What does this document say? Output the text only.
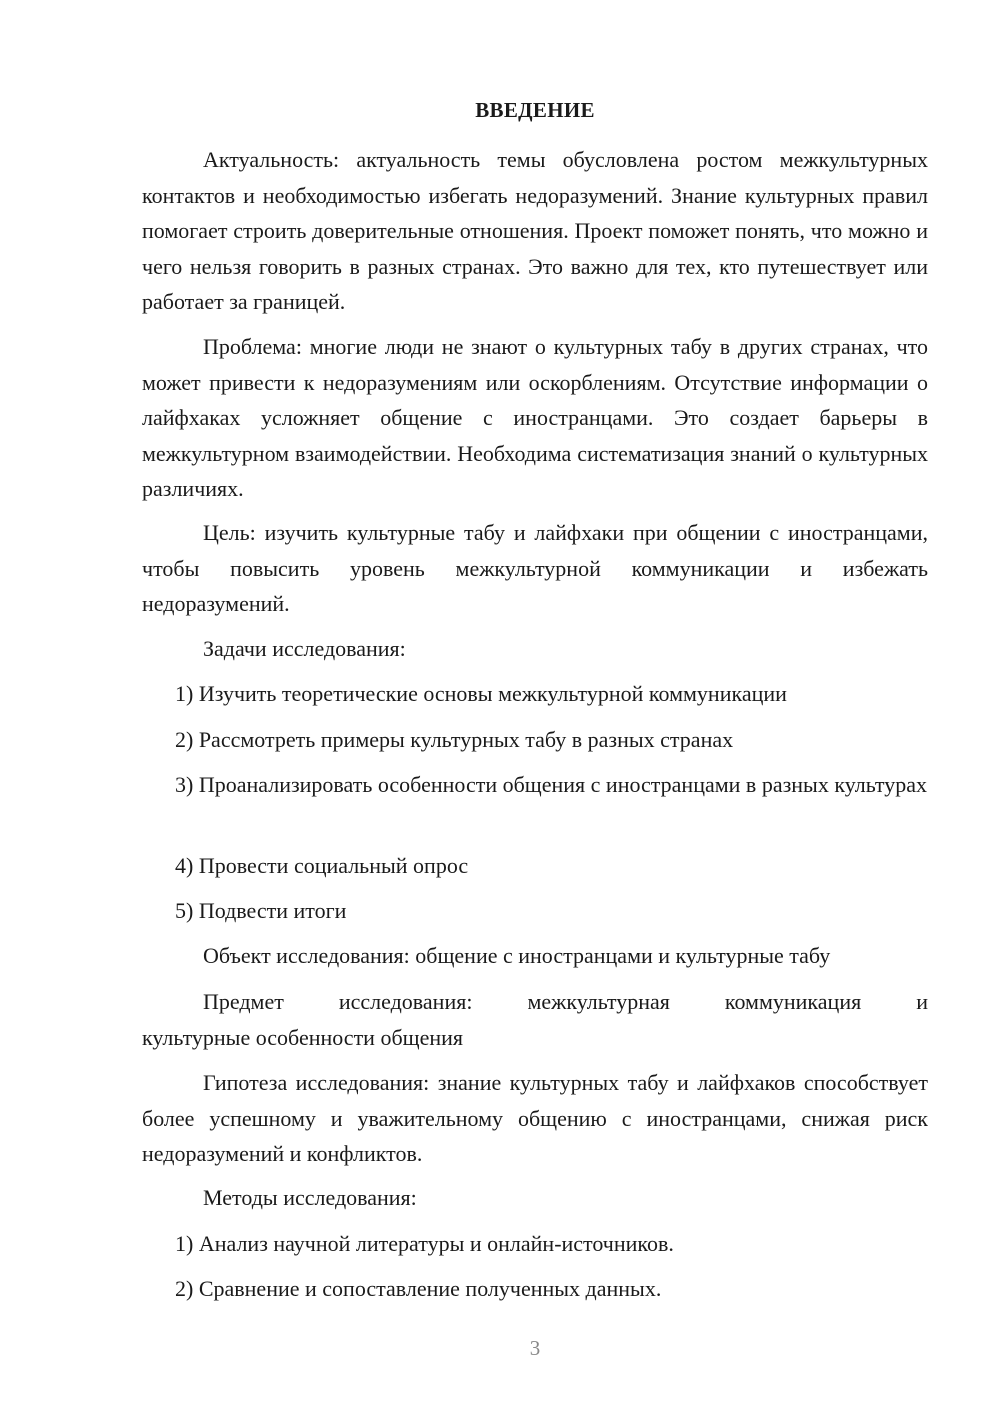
ВВЕДЕНИЕ

Актуальность: актуальность темы обусловлена ростом межкультурных контактов и необходимостью избегать недоразумений. Знание культурных правил помогает строить доверительные отношения. Проект поможет понять, что можно и чего нельзя говорить в разных странах. Это важно для тех, кто путешествует или работает за границей.

Проблема: многие люди не знают о культурных табу в других странах, что может привести к недоразумениям или оскорблениям. Отсутствие информации о лайфхаках усложняет общение с иностранцами. Это создает барьеры в межкультурном взаимодействии. Необходима систематизация знаний о культурных различиях.

Цель: изучить культурные табу и лайфхаки при общении с иностранцами, чтобы повысить уровень межкультурной коммуникации и избежать недоразумений.

Задачи исследования:

1) Изучить теоретические основы межкультурной коммуникации

2) Рассмотреть примеры культурных табу в разных странах

3) Проанализировать особенности общения с иностранцами в разных культурах

4) Провести социальный опрос

5) Подвести итоги

Объект исследования: общение с иностранцами и культурные табу

Предмет исследования: межкультурная коммуникация и

культурные особенности общения

Гипотеза исследования: знание культурных табу и лайфхаков способствует более успешному и уважительному общению с иностранцами, снижая риск недоразумений и конфликтов.

Методы исследования:

1) Анализ научной литературы и онлайн-источников.

2) Сравнение и сопоставление полученных данных.

3
